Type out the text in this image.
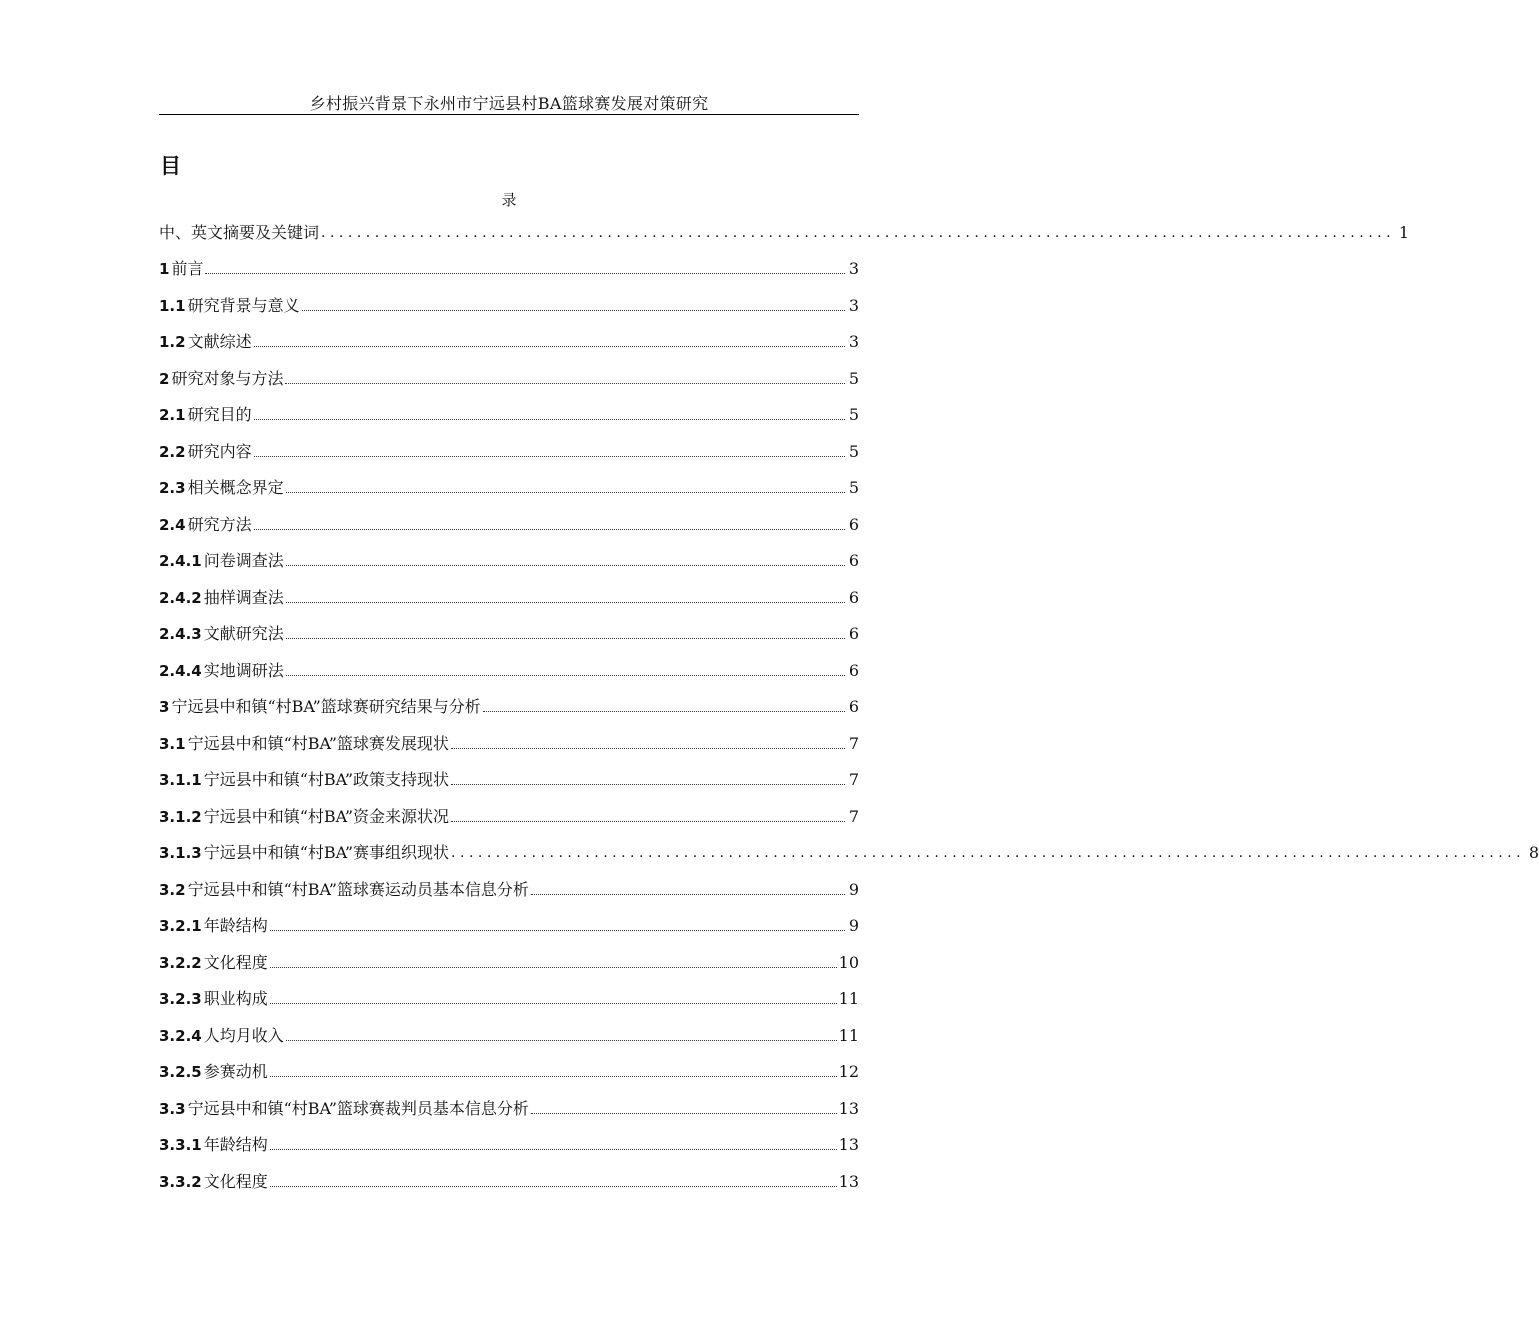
乡村振兴背景下永州市宁远县村BA篮球赛发展对策研究
目
录
中、英文摘要及关键词 ........................................................................................................................ 1
1 前言	3
1.1 研究背景与意义	3
1.2 文献综述	3
2 研究对象与方法	5
2.1 研究目的	5
2.2 研究内容	5
2.3 相关概念界定	5
2.4 研究方法	6
2.4.1 问卷调查法	6
2.4.2 抽样调查法	6
2.4.3 文献研究法	6
2.4.4 实地调研法	6
3 宁远县中和镇“村BA”篮球赛研究结果与分析	6
3.1 宁远县中和镇“村BA”篮球赛发展现状	7
3.1.1 宁远县中和镇“村BA”政策支持现状	7
3.1.2 宁远县中和镇“村BA”资金来源状况	7
3.1.3 宁远县中和镇“村BA”赛事组织现状 ........................................................................................................................ 8
3.2 宁远县中和镇“村BA”篮球赛运动员基本信息分析	9
3.2.1 年龄结构	9
3.2.2 文化程度	10
3.2.3 职业构成	11
3.2.4 人均月收入	11
3.2.5 参赛动机	12
3.3 宁远县中和镇“村BA”篮球赛裁判员基本信息分析	13
3.3.1 年龄结构	13
3.3.2 文化程度	13
